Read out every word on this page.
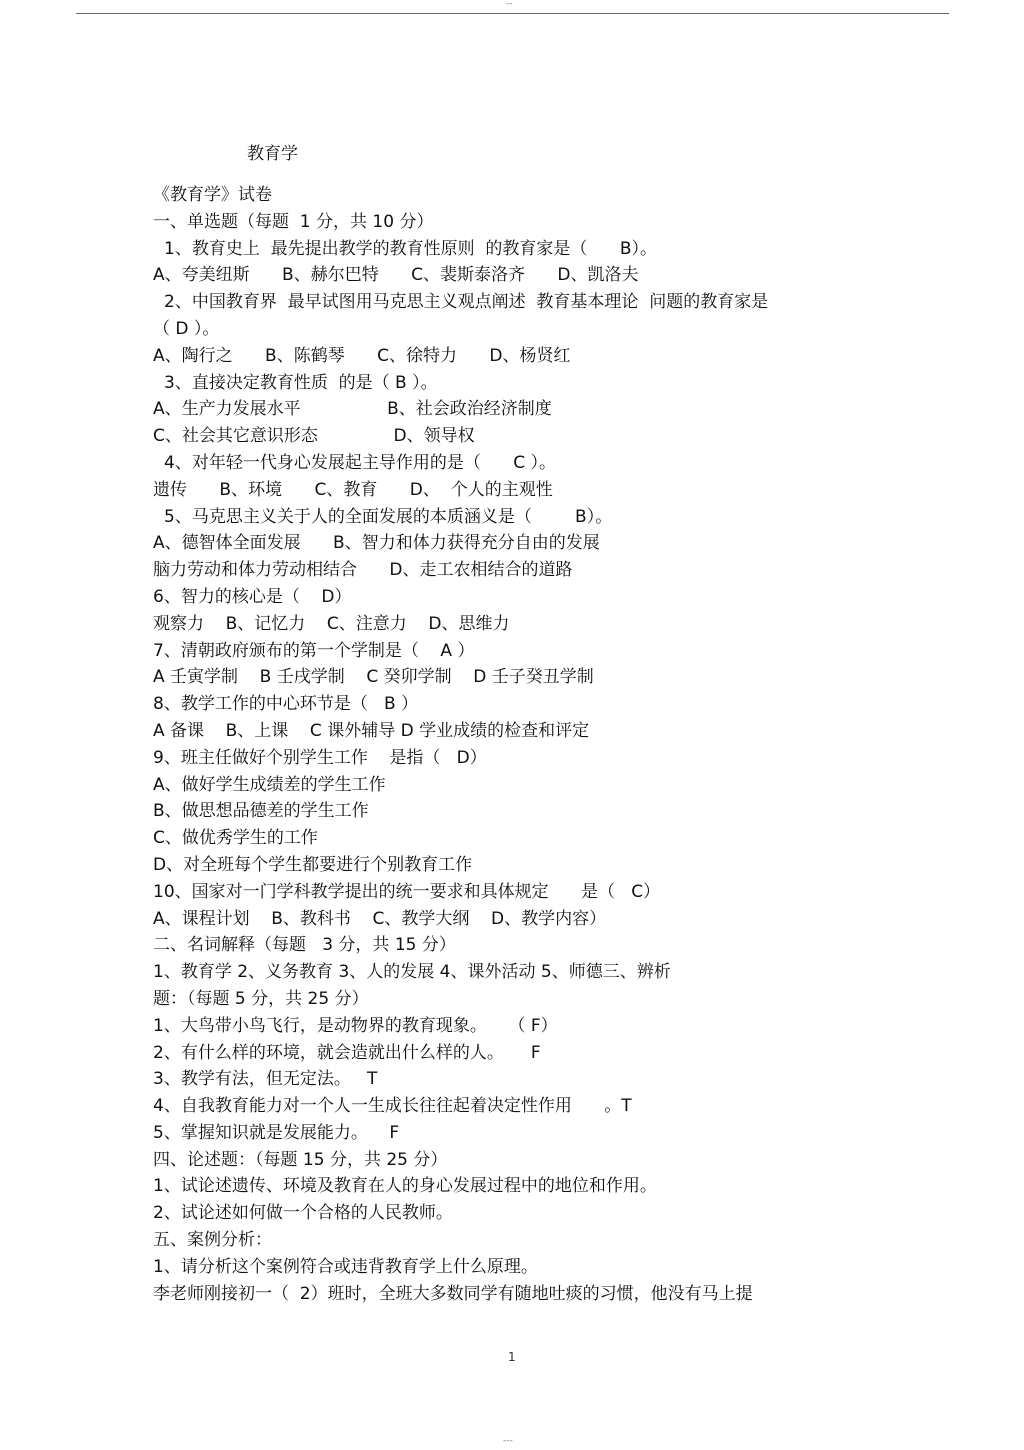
--
教育学
《教育学》试卷
一、单选题（每题  1 分，共 10 分）
1、教育史上  最先提出教学的教育性原则  的教育家是（      B）。
A、夸美纽斯      B、赫尔巴特      C、裴斯泰洛齐      D、凯洛夫
2、中国教育界  最早试图用马克思主义观点阐述  教育基本理论  问题的教育家是
（ D ）。
A、陶行之      B、陈鹤琴      C、徐特力      D、杨贤红
3、直接决定教育性质  的是（ B ）。
A、生产力发展水平                B、社会政治经济制度
C、社会其它意识形态              D、领导权
4、对年轻一代身心发展起主导作用的是（      C ）。
遗传      B、环境      C、教育      D、  个人的主观性
5、马克思主义关于人的全面发展的本质涵义是（        B）。
A、德智体全面发展      B、智力和体力获得充分自由的发展
脑力劳动和体力劳动相结合      D、走工农相结合的道路
6、智力的核心是（    D）
观察力    B、记忆力    C、注意力    D、思维力
7、清朝政府颁布的第一个学制是（    A ）
A 壬寅学制    B 壬戌学制    C 癸卯学制    D 壬子癸丑学制
8、教学工作的中心环节是（   B ）
A 备课    B、上课    C 课外辅导 D 学业成绩的检查和评定
9、班主任做好个别学生工作    是指（   D）
A、做好学生成绩差的学生工作
B、做思想品德差的学生工作
C、做优秀学生的工作
D、对全班每个学生都要进行个别教育工作
10、国家对一门学科教学提出的统一要求和具体规定      是（   C）
A、课程计划    B、教科书    C、教学大纲    D、教学内容）
二、名词解释（每题   3 分，共 15 分）
1、教育学 2、义务教育 3、人的发展 4、课外活动 5、师德三、辨析
题：（每题 5 分，共 25 分）
1、大鸟带小鸟飞行，是动物界的教育现象。    （ F）
2、有什么样的环境，就会造就出什么样的人。     F
3、教学有法，但无定法。   T
4、自我教育能力对一个人一生成长往往起着决定性作用      。T
5、掌握知识就是发展能力。    F
四、论述题：（每题 15 分，共 25 分）
1、试论述遗传、环境及教育在人的身心发展过程中的地位和作用。
2、试论述如何做一个合格的人民教师。
五、案例分析：
1、请分析这个案例符合或违背教育学上什么原理。
李老师刚接初一（  2）班时，全班大多数同学有随地吐痰的习惯，他没有马上提
1
---
